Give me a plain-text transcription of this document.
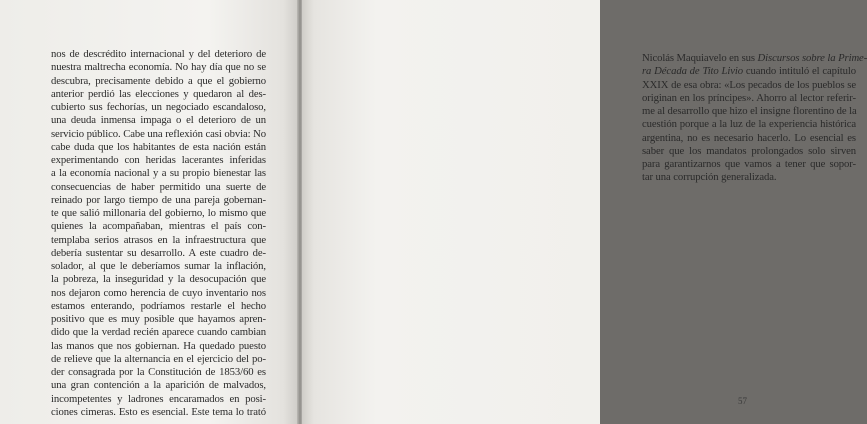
nos de descrédito internacional y del deterioro de
nuestra maltrecha economía. No hay día que no se
descubra, precisamente debido a que el gobierno
anterior perdió las elecciones y quedaron al des-
cubierto sus fechorías, un negociado escandaloso,
una deuda inmensa impaga o el deterioro de un
servicio público. Cabe una reflexión casi obvia: No
cabe duda que los habitantes de esta nación están
experimentando con heridas lacerantes inferidas
a la economía nacional y a su propio bienestar las
consecuencias de haber permitido una suerte de
reinado por largo tiempo de una pareja gobernan-
te que salió millonaria del gobierno, lo mismo que
quienes la acompañaban, mientras el país con-
templaba serios atrasos en la infraestructura que
debería sustentar su desarrollo. A este cuadro de-
solador, al que le deberíamos sumar la inflación,
la pobreza, la inseguridad y la desocupación que
nos dejaron como herencia de cuyo inventario nos
estamos enterando, podríamos restarle el hecho
positivo que es muy posible que hayamos apren-
dido que la verdad recién aparece cuando cambian
las manos que nos gobiernan. Ha quedado puesto
de relieve que la alternancia en el ejercicio del po-
der consagrada por la Constitución de 1853/60 es
una gran contención a la aparición de malvados,
incompetentes y ladrones encaramados en posi-
ciones cimeras. Esto es esencial. Este tema lo trató
Nicolás Maquiavelo en sus Discursos sobre la Prime-
ra Década de Tito Livio cuando intituló el capítulo
XXIX de esa obra: «Los pecados de los pueblos se
originan en los príncipes». Ahorro al lector referir-
me al desarrollo que hizo el insigne florentino de la
cuestión porque a la luz de la experiencia histórica
argentina, no es necesario hacerlo. Lo esencial es
saber que los mandatos prolongados solo sirven
para garantizarnos que vamos a tener que sopor-
tar una corrupción generalizada.
57
